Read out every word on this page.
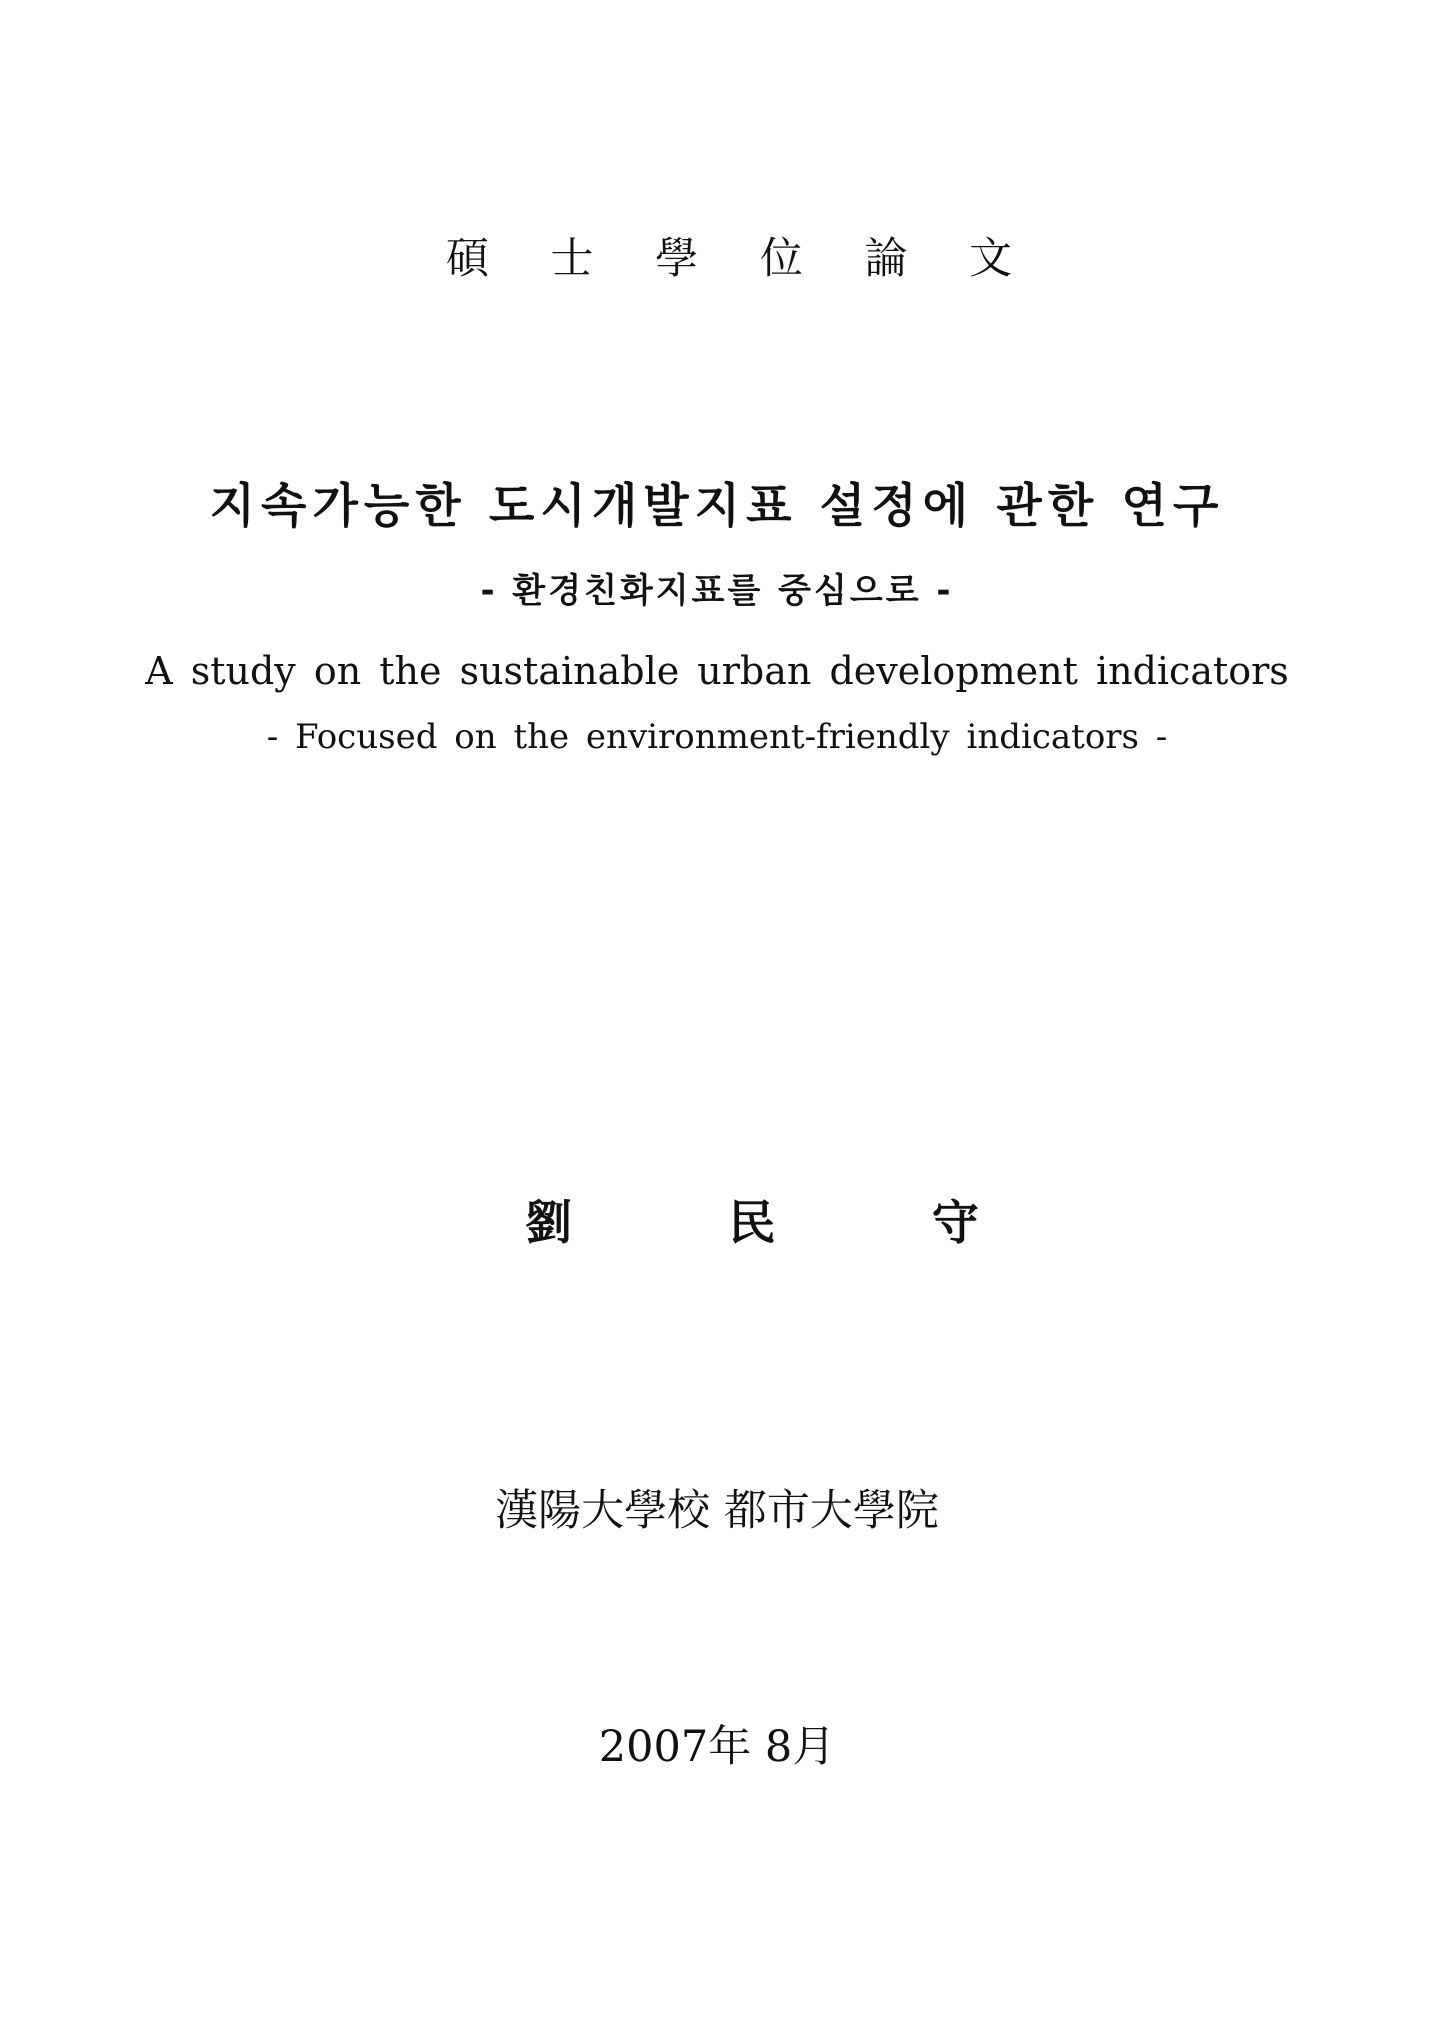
碩 士 學 位 論 文
지속가능한 도시개발지표 설정에 관한 연구
- 환경친화지표를 중심으로 -
A study on the sustainable urban development indicators
- Focused on the environment-friendly indicators -
劉 民 守
漢陽大學校 都市大學院
2007年 8月
